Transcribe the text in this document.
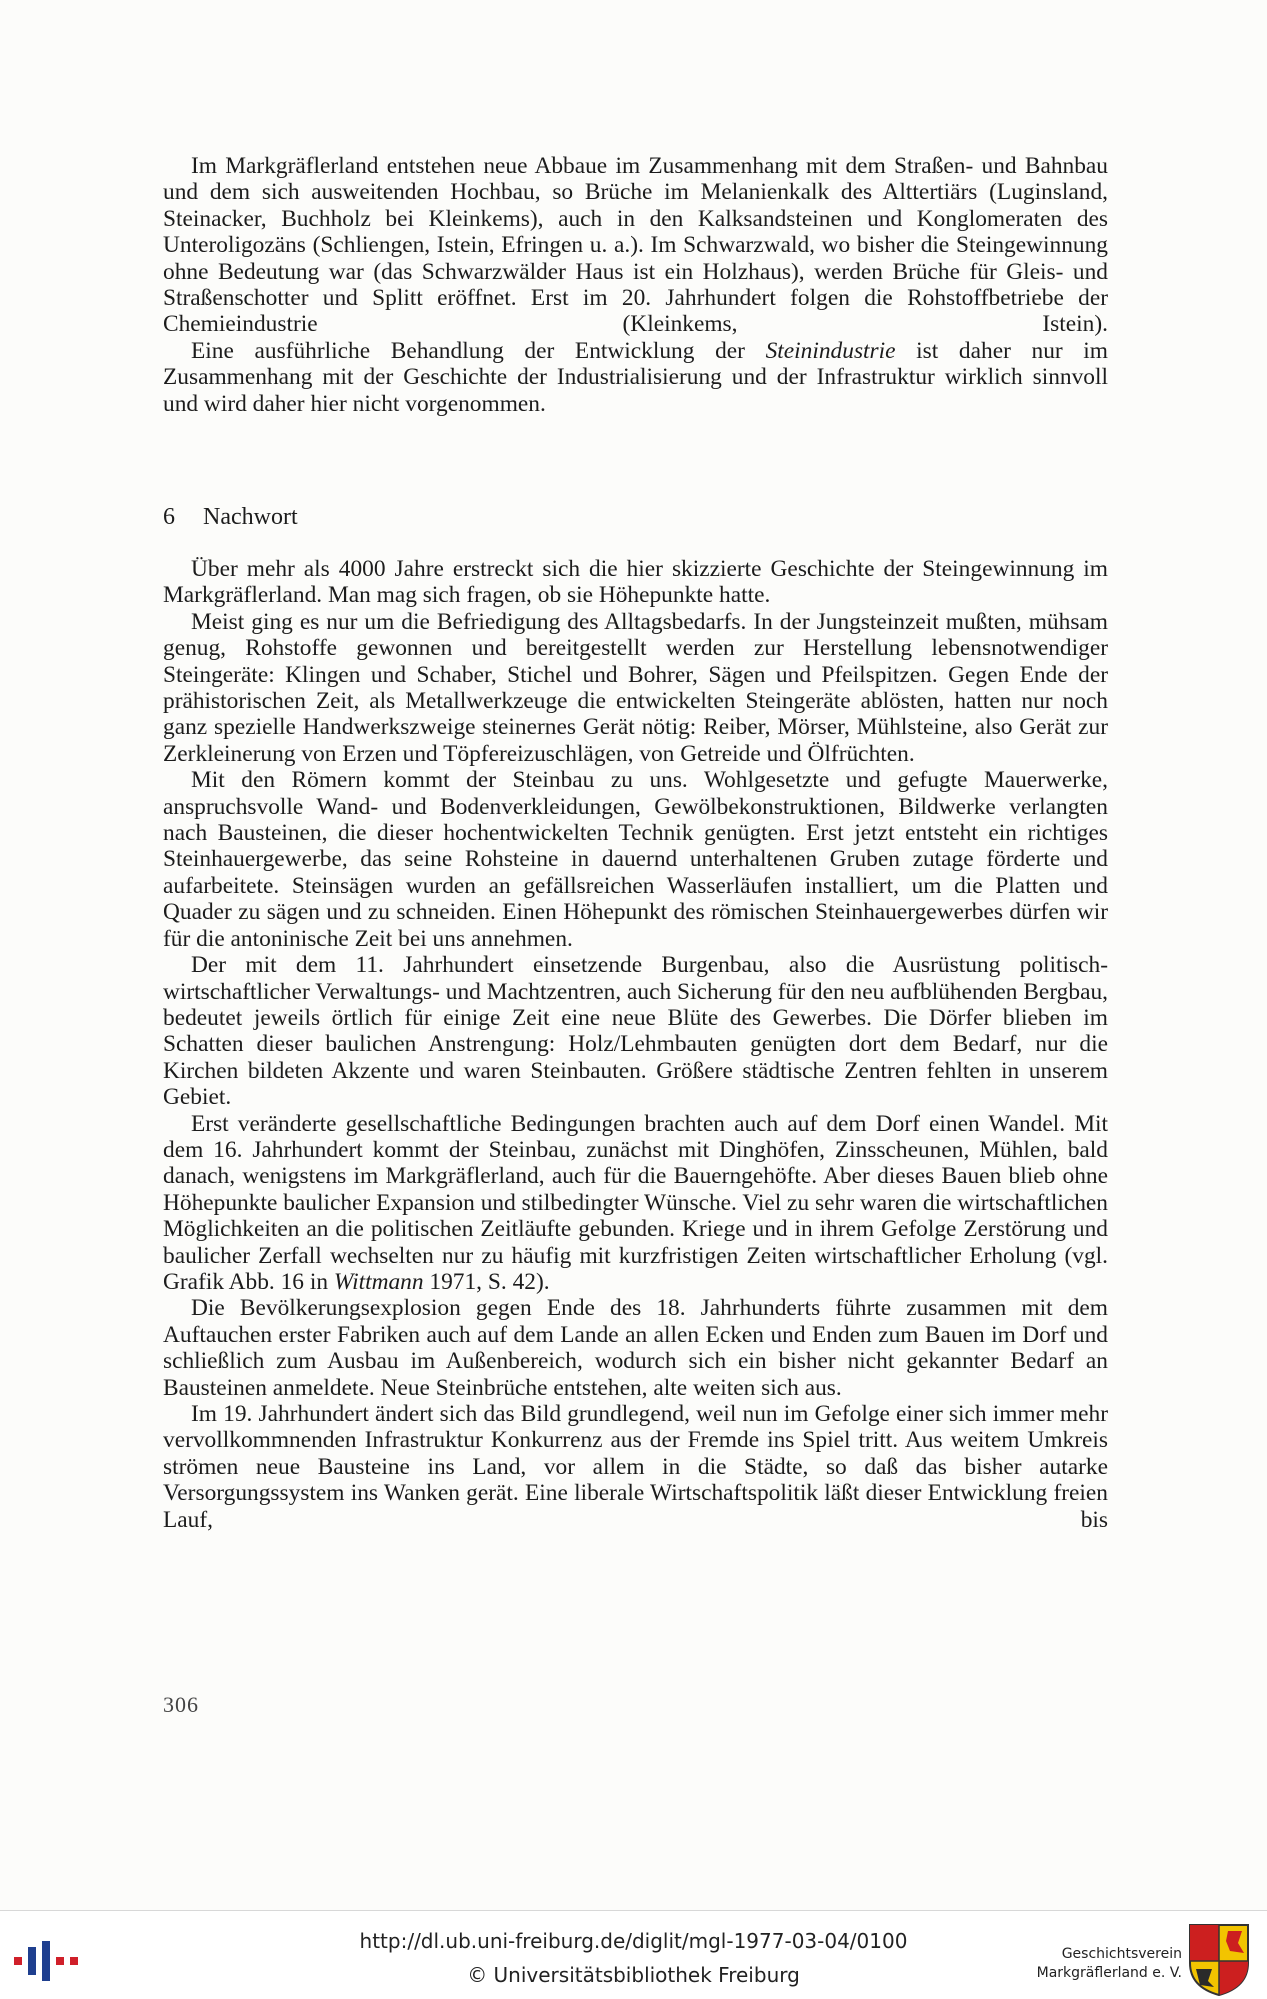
Im Markgräflerland entstehen neue Abbaue im Zusammenhang mit dem Straßen- und Bahnbau und dem sich ausweitenden Hochbau, so Brüche im Melanienkalk des Alttertiärs (Luginsland, Steinacker, Buchholz bei Kleinkems), auch in den Kalksandsteinen und Konglomeraten des Unteroligozäns (Schliengen, Istein, Efringen u. a.). Im Schwarzwald, wo bisher die Steingewinnung ohne Bedeutung war (das Schwarzwälder Haus ist ein Holzhaus), werden Brüche für Gleis- und Straßenschotter und Splitt eröffnet. Erst im 20. Jahrhundert folgen die Rohstoffbetriebe der Chemieindustrie (Kleinkems, Istein).

Eine ausführliche Behandlung der Entwicklung der Steinindustrie ist daher nur im Zusammenhang mit der Geschichte der Industrialisierung und der Infrastruktur wirklich sinnvoll und wird daher hier nicht vorgenommen.

6 Nachwort

Über mehr als 4000 Jahre erstreckt sich die hier skizzierte Geschichte der Steingewinnung im Markgräflerland. Man mag sich fragen, ob sie Höhepunkte hatte.

Meist ging es nur um die Befriedigung des Alltagsbedarfs. In der Jungsteinzeit mußten, mühsam genug, Rohstoffe gewonnen und bereitgestellt werden zur Herstellung lebensnotwendiger Steingeräte: Klingen und Schaber, Stichel und Bohrer, Sägen und Pfeilspitzen. Gegen Ende der prähistorischen Zeit, als Metallwerkzeuge die entwickelten Steingeräte ablösten, hatten nur noch ganz spezielle Handwerkszweige steinernes Gerät nötig: Reiber, Mörser, Mühlsteine, also Gerät zur Zerkleinerung von Erzen und Töpfereizuschlägen, von Getreide und Ölfrüchten.

Mit den Römern kommt der Steinbau zu uns. Wohlgesetzte und gefugte Mauerwerke, anspruchsvolle Wand- und Bodenverkleidungen, Gewölbekonstruktionen, Bildwerke verlangten nach Bausteinen, die dieser hochentwickelten Technik genügten. Erst jetzt entsteht ein richtiges Steinhauergewerbe, das seine Rohsteine in dauernd unterhaltenen Gruben zutage förderte und aufarbeitete. Steinsägen wurden an gefällsreichen Wasserläufen installiert, um die Platten und Quader zu sägen und zu schneiden. Einen Höhepunkt des römischen Steinhauergewerbes dürfen wir für die antoninische Zeit bei uns annehmen.

Der mit dem 11. Jahrhundert einsetzende Burgenbau, also die Ausrüstung politisch-wirtschaftlicher Verwaltungs- und Machtzentren, auch Sicherung für den neu aufblühenden Bergbau, bedeutet jeweils örtlich für einige Zeit eine neue Blüte des Gewerbes. Die Dörfer blieben im Schatten dieser baulichen Anstrengung: Holz/Lehmbauten genügten dort dem Bedarf, nur die Kirchen bildeten Akzente und waren Steinbauten. Größere städtische Zentren fehlten in unserem Gebiet.

Erst veränderte gesellschaftliche Bedingungen brachten auch auf dem Dorf einen Wandel. Mit dem 16. Jahrhundert kommt der Steinbau, zunächst mit Dinghöfen, Zinsscheunen, Mühlen, bald danach, wenigstens im Markgräflerland, auch für die Bauerngehöfte. Aber dieses Bauen blieb ohne Höhepunkte baulicher Expansion und stilbedingter Wünsche. Viel zu sehr waren die wirtschaftlichen Möglichkeiten an die politischen Zeitläufte gebunden. Kriege und in ihrem Gefolge Zerstörung und baulicher Zerfall wechselten nur zu häufig mit kurzfristigen Zeiten wirtschaftlicher Erholung (vgl. Grafik Abb. 16 in Wittmann 1971, S. 42).

Die Bevölkerungsexplosion gegen Ende des 18. Jahrhunderts führte zusammen mit dem Auftauchen erster Fabriken auch auf dem Lande an allen Ecken und Enden zum Bauen im Dorf und schließlich zum Ausbau im Außenbereich, wodurch sich ein bisher nicht gekannter Bedarf an Bausteinen anmeldete. Neue Steinbrüche entstehen, alte weiten sich aus.

Im 19. Jahrhundert ändert sich das Bild grundlegend, weil nun im Gefolge einer sich immer mehr vervollkommnenden Infrastruktur Konkurrenz aus der Fremde ins Spiel tritt. Aus weitem Umkreis strömen neue Bausteine ins Land, vor allem in die Städte, so daß das bisher autarke Versorgungssystem ins Wanken gerät. Eine liberale Wirtschaftspolitik läßt dieser Entwicklung freien Lauf, bis

306
http://dl.ub.uni-freiburg.de/diglit/mgl-1977-03-04/0100
© Universitätsbibliothek Freiburg
Geschichtsverein
Markgräflerland e. V.
